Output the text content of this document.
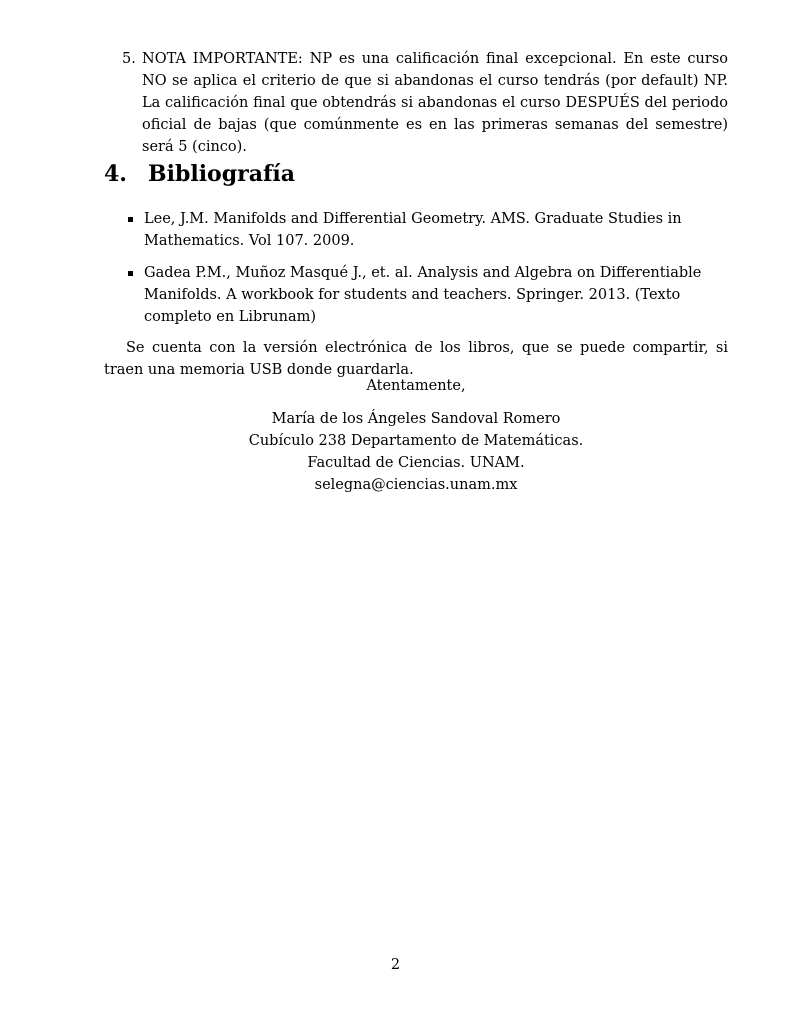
5. NOTA IMPORTANTE: NP es una calificación final excepcional. En este curso NO se aplica el criterio de que si abandonas el curso tendrás (por default) NP. La calificación final que obtendrás si abandonas el curso DESPUÉS del periodo oficial de bajas (que comúnmente es en las primeras semanas del semestre) será 5 (cinco).
4. Bibliografía
Lee, J.M. Manifolds and Differential Geometry. AMS. Graduate Studies in Mathematics. Vol 107. 2009.
Gadea P.M., Muñoz Masqué J., et. al. Analysis and Algebra on Differentiable Manifolds. A workbook for students and teachers. Springer. 2013. (Texto completo en Librunam)

Se cuenta con la versión electrónica de los libros, que se puede compartir, si traen una memoria USB donde guardarla.

Atentamente,
María de los Ángeles Sandoval Romero
Cubículo 238 Departamento de Matemáticas.
Facultad de Ciencias. UNAM.
selegna@ciencias.unam.mx
2
